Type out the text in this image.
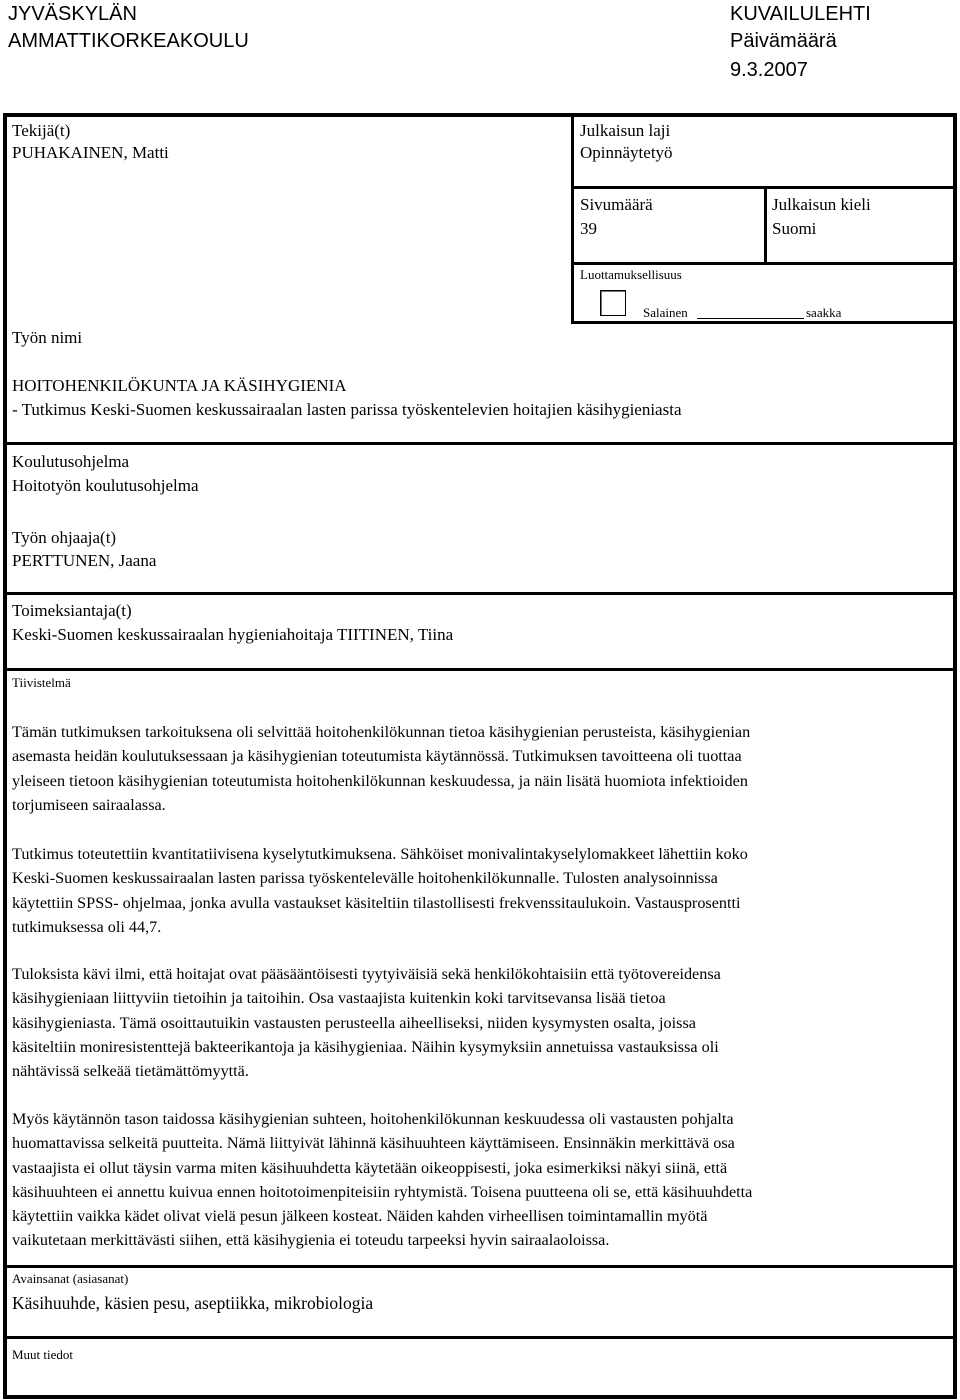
JYVÄSKYLÄN
AMMATTIKORKEAKOULU
KUVAILULEHTI
Päivämäärä
9.3.2007
Tekijä(t)
PUHAKAINEN, Matti
Julkaisun laji
Opinnäytetyö
Sivumäärä
39
Julkaisun kieli
Suomi
Luottamuksellisuus
Salainen	saakka
Työn nimi
HOITOHENKILÖKUNTA JA KÄSIHYGIENIA
- Tutkimus Keski-Suomen keskussairaalan lasten parissa työskentelevien hoitajien käsihygieniasta
Koulutusohjelma
Hoitotyön koulutusohjelma
Työn ohjaaja(t)
PERTTUNEN, Jaana
Toimeksiantaja(t)
Keski-Suomen keskussairaalan hygieniahoitaja TIITINEN, Tiina
Tiivistelmä
Tämän tutkimuksen tarkoituksena oli selvittää hoitohenkilökunnan tietoa käsihygienian perusteista, käsihygienian
asemasta heidän koulutuksessaan ja käsihygienian toteutumista käytännössä. Tutkimuksen tavoitteena oli tuottaa
yleiseen tietoon käsihygienian toteutumista hoitohenkilökunnan keskuudessa, ja näin lisätä huomiota infektioiden
torjumiseen sairaalassa.
Tutkimus toteutettiin kvantitatiivisena kyselytutkimuksena. Sähköiset monivalintakyselylomakkeet lähettiin koko
Keski-Suomen keskussairaalan lasten parissa työskentelevälle hoitohenkilökunnalle. Tulosten analysoinnissa
käytettiin SPSS- ohjelmaa, jonka avulla vastaukset käsiteltiin tilastollisesti frekvenssitaulukoin. Vastausprosentti
tutkimuksessa oli 44,7.
Tuloksista kävi ilmi, että hoitajat ovat pääsääntöisesti tyytyiväisiä sekä henkilökohtaisiin että työtovereidensa
käsihygieniaan liittyviin tietoihin ja taitoihin. Osa vastaajista kuitenkin koki tarvitsevansa lisää tietoa
käsihygieniasta. Tämä osoittautuikin vastausten perusteella aiheelliseksi, niiden kysymysten osalta, joissa
käsiteltiin moniresistenttejä bakteerikantoja ja käsihygieniaa. Näihin kysymyksiin annetuissa vastauksissa oli
nähtävissä selkeää tietämättömyyttä.
Myös käytännön tason taidossa käsihygienian suhteen, hoitohenkilökunnan keskuudessa oli vastausten pohjalta
huomattavissa selkeitä puutteita. Nämä liittyivät lähinnä käsihuuhteen käyttämiseen. Ensinnäkin merkittävä osa
vastaajista ei ollut täysin varma miten käsihuuhdetta käytetään oikeoppisesti, joka esimerkiksi näkyi siinä, että
käsihuuhteen ei annettu kuivua ennen hoitotoimenpiteisiin ryhtymistä. Toisena puutteena oli se, että käsihuuhdetta
käytettiin vaikka kädet olivat vielä pesun jälkeen kosteat. Näiden kahden virheellisen toimintamallin myötä
vaikutetaan merkittävästi siihen, että käsihygienia ei toteudu tarpeeksi hyvin sairaalaoloissa.
Avainsanat (asiasanat)
Käsihuuhde, käsien pesu, aseptiikka, mikrobiologia
Muut tiedot
